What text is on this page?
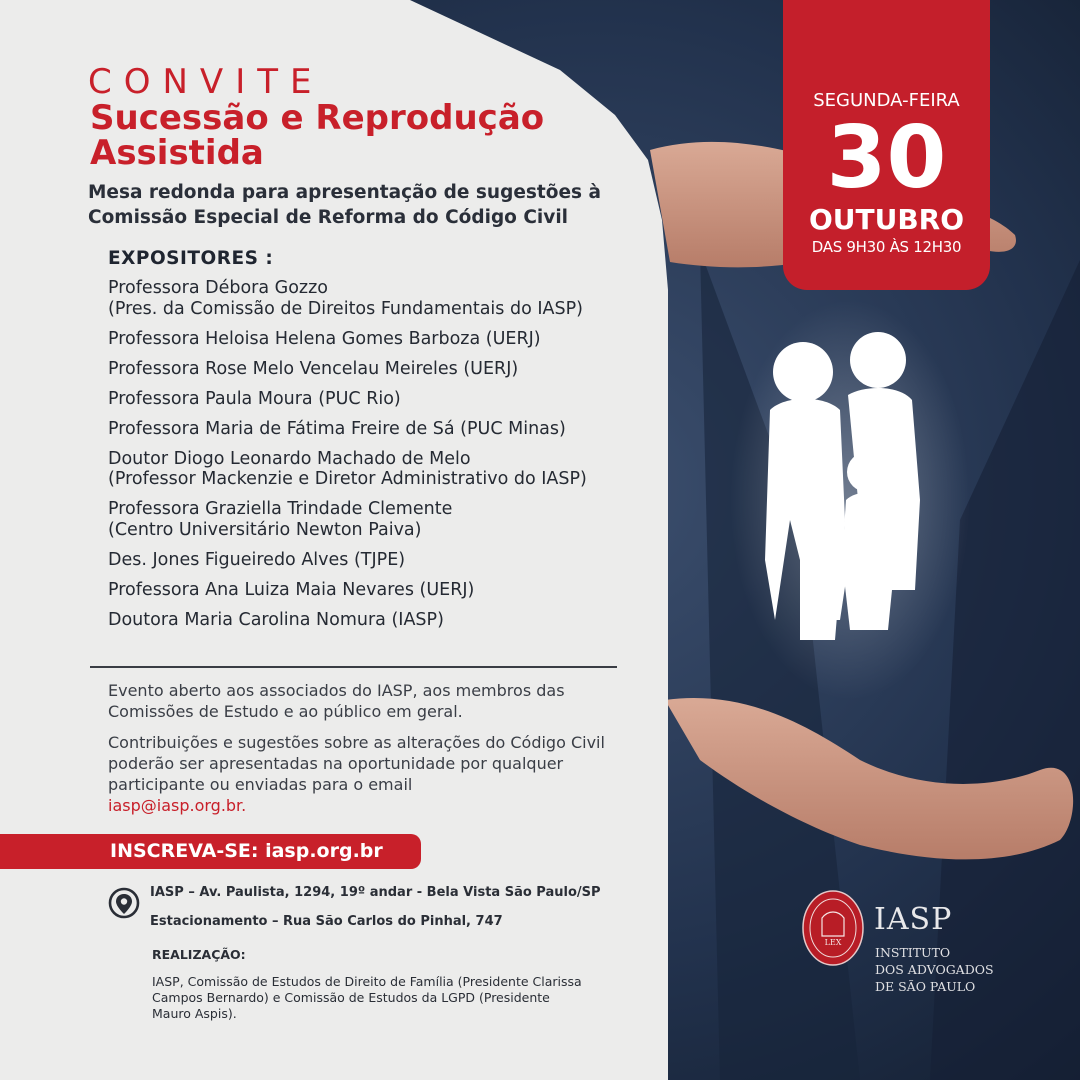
CONVITE
Sucessão e Reprodução Assistida
Mesa redonda para apresentação de sugestões à Comissão Especial de Reforma do Código Civil
EXPOSITORES :
Professora Débora Gozzo
(Pres. da Comissão de Direitos Fundamentais do IASP)
Professora Heloisa Helena Gomes Barboza (UERJ)
Professora Rose Melo Vencelau Meireles (UERJ)
Professora Paula Moura (PUC Rio)
Professora Maria de Fátima Freire de Sá (PUC Minas)
Doutor Diogo Leonardo Machado de Melo
(Professor Mackenzie e Diretor Administrativo do IASP)
Professora Graziella Trindade Clemente
(Centro Universitário Newton Paiva)
Des. Jones Figueiredo Alves (TJPE)
Professora Ana Luiza Maia Nevares (UERJ)
Doutora Maria Carolina Nomura (IASP)

Evento aberto aos associados do IASP, aos membros das Comissões de Estudo e ao público em geral.

Contribuições e sugestões sobre as alterações do Código Civil poderão ser apresentadas na oportunidade por qualquer participante ou enviadas para o email
iasp@iasp.org.br.

INSCREVA-SE: iasp.org.br
IASP – Av. Paulista, 1294, 19º andar - Bela Vista São Paulo/SP
Estacionamento – Rua São Carlos do Pinhal, 747
REALIZAÇÃO:
IASP, Comissão de Estudos de Direito de Família (Presidente Clarissa Campos Bernardo) e Comissão de Estudos da LGPD (Presidente Mauro Aspis).
SEGUNDA-FEIRA
30
OUTUBRO
DAS 9H30 ÀS 12H30
LEX
IASP
INSTITUTO
DOS ADVOGADOS
DE SÃO PAULO
